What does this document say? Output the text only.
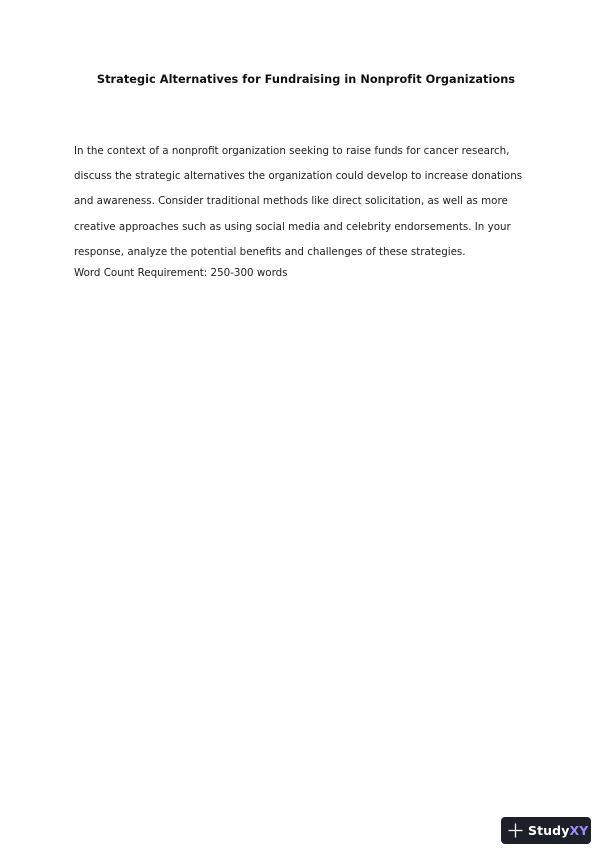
Strategic Alternatives for Fundraising in Nonprofit Organizations
In the context of a nonprofit organization seeking to raise funds for cancer research,
discuss the strategic alternatives the organization could develop to increase donations
and awareness. Consider traditional methods like direct solicitation, as well as more
creative approaches such as using social media and celebrity endorsements. In your
response, analyze the potential benefits and challenges of these strategies.
Word Count Requirement: 250-300 words
StudyXY
